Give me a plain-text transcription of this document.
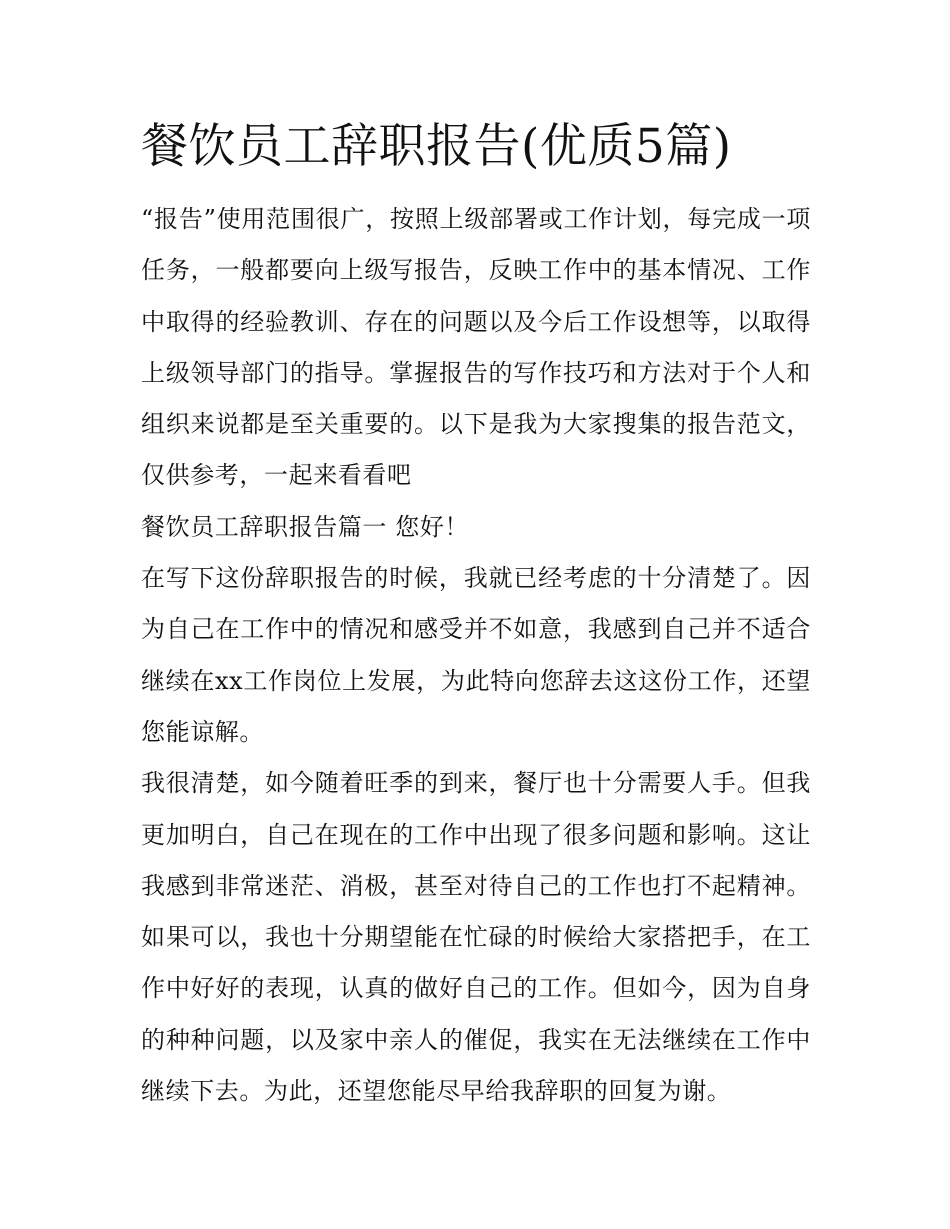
餐饮员工辞职报告(优质5篇)

“报告”使用范围很广，按照上级部署或工作计划，每完成一项任务，一般都要向上级写报告，反映工作中的基本情况、工作中取得的经验教训、存在的问题以及今后工作设想等，以取得上级领导部门的指导。掌握报告的写作技巧和方法对于个人和组织来说都是至关重要的。以下是我为大家搜集的报告范文，仅供参考，一起来看看吧

餐饮员工辞职报告篇一 您好！

在写下这份辞职报告的时候，我就已经考虑的十分清楚了。因为自己在工作中的情况和感受并不如意，我感到自己并不适合继续在xx工作岗位上发展，为此特向您辞去这这份工作，还望您能谅解。

我很清楚，如今随着旺季的到来，餐厅也十分需要人手。但我更加明白，自己在现在的工作中出现了很多问题和影响。这让我感到非常迷茫、消极，甚至对待自己的工作也打不起精神。如果可以，我也十分期望能在忙碌的时候给大家搭把手，在工作中好好的表现，认真的做好自己的工作。但如今，因为自身的种种问题，以及家中亲人的催促，我实在无法继续在工作中继续下去。为此，还望您能尽早给我辞职的回复为谢。
